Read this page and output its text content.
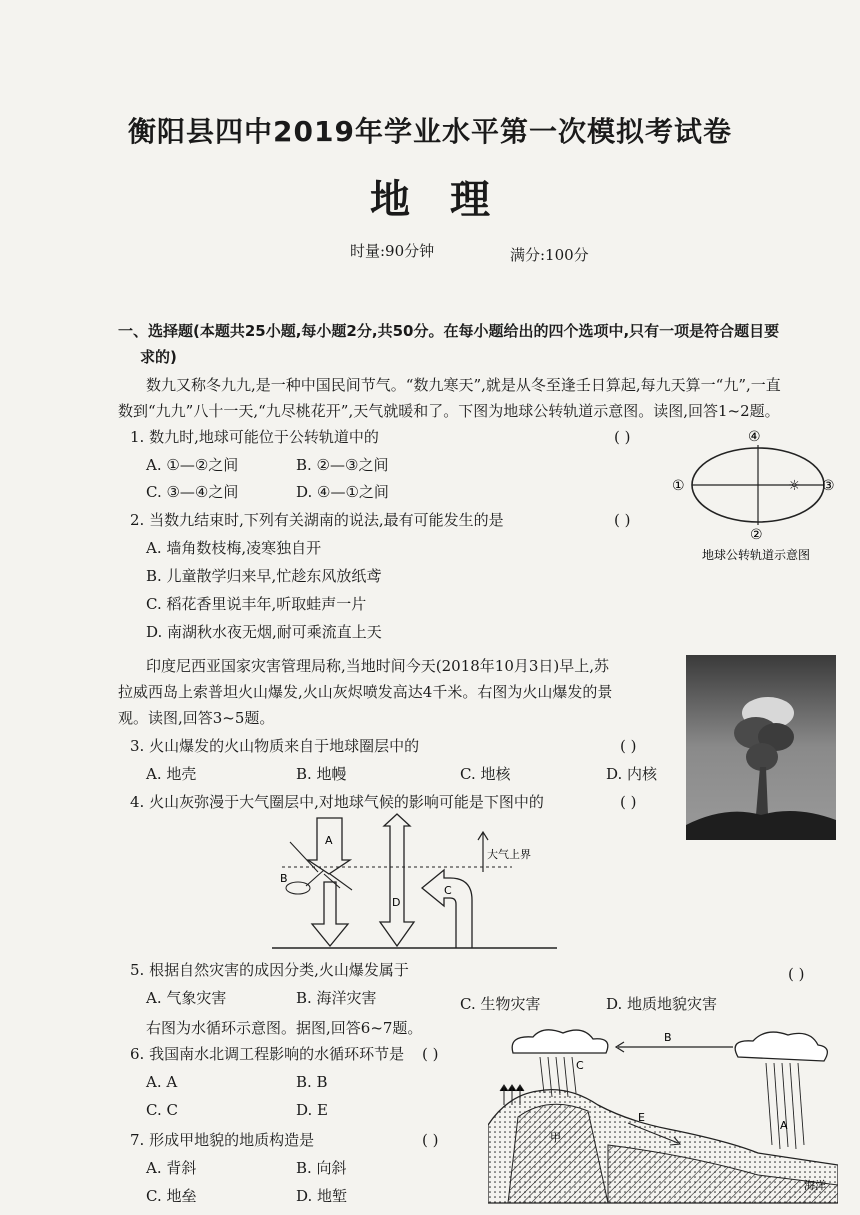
衡阳县四中2019年学业水平第一次模拟考试卷
地理
时量:90分钟	满分:100分
一、选择题(本题共25小题,每小题2分,共50分。在每小题给出的四个选项中,只有一项是符合题目要
求的)
数九又称冬九九,是一种中国民间节气。“数九寒天”,就是从冬至逢壬日算起,每九天算一“九”,一直
数到“九九”八十一天,“九尽桃花开”,天气就暖和了。下图为地球公转轨道示意图。读图,回答1~2题。
1. 数九时,地球可能位于公转轨道中的	( )
A. ①—②之间	B. ②—③之间
C. ③—④之间	D. ④—①之间
2. 当数九结束时,下列有关湖南的说法,最有可能发生的是	( )
A. 墙角数枝梅,凌寒独自开
B. 儿童散学归来早,忙趁东风放纸鸢
C. 稻花香里说丰年,听取蛙声一片
D. 南湖秋水夜无烟,耐可乘流直上天
☼
④
①	③
②
地球公转轨道示意图
印度尼西亚国家灾害管理局称,当地时间今天(2018年10月3日)早上,苏
拉威西岛上索普坦火山爆发,火山灰烬喷发高达4千米。右图为火山爆发的景
观。读图,回答3~5题。
3. 火山爆发的火山物质来自于地球圈层中的	( )
A. 地壳	B. 地幔	C. 地核	D. 内核
4. 火山灰弥漫于大气圈层中,对地球气候的影响可能是下图中的	( )
大气上界
A
B
D
C
5. 根据自然灾害的成因分类,火山爆发属于	( )
A. 气象灾害	B. 海洋灾害	C. 生物灾害	D. 地质地貌灾害
右图为水循环示意图。据图,回答6~7题。
6. 我国南水北调工程影响的水循环环节是 ( )
A. A	B. B
C. C	D. E
7. 形成甲地貌的地质构造是	( )
A. 背斜	B. 向斜
C. 地垒	D. 地堑
B
C
A
甲
E
海洋
